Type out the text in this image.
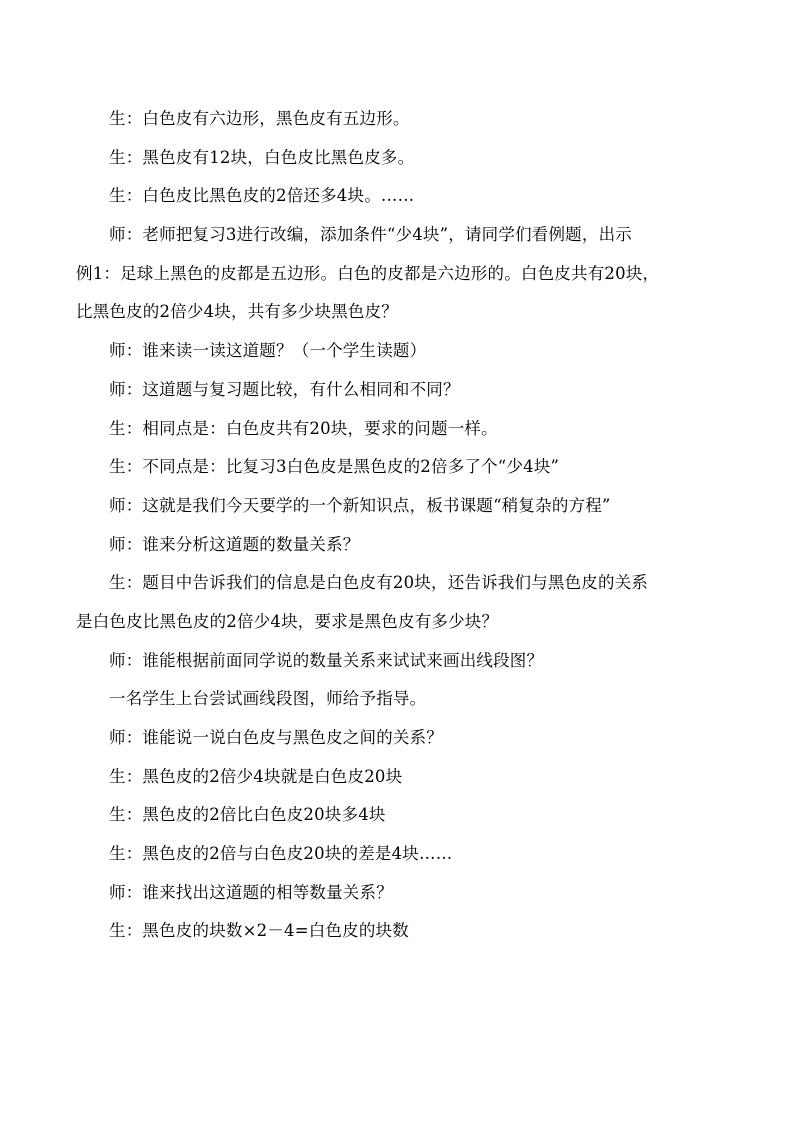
生：白色皮有六边形，黑色皮有五边形。
生：黑色皮有12块，白色皮比黑色皮多。
生：白色皮比黑色皮的2倍还多4块。……
师：老师把复习3进行改编，添加条件“少4块”，请同学们看例题，出示
例1：足球上黑色的皮都是五边形。白色的皮都是六边形的。白色皮共有20块，
比黑色皮的2倍少4块，共有多少块黑色皮？
师：谁来读一读这道题？（一个学生读题）
师：这道题与复习题比较，有什么相同和不同？
生：相同点是：白色皮共有20块，要求的问题一样。
生：不同点是：比复习3白色皮是黑色皮的2倍多了个“少4块”
师：这就是我们今天要学的一个新知识点，板书课题“稍复杂的方程”
师：谁来分析这道题的数量关系？
生：题目中告诉我们的信息是白色皮有20块，还告诉我们与黑色皮的关系
是白色皮比黑色皮的2倍少4块，要求是黑色皮有多少块？
师：谁能根据前面同学说的数量关系来试试来画出线段图？
一名学生上台尝试画线段图，师给予指导。
师：谁能说一说白色皮与黑色皮之间的关系？
生：黑色皮的2倍少4块就是白色皮20块
生：黑色皮的2倍比白色皮20块多4块
生：黑色皮的2倍与白色皮20块的差是4块……
师：谁来找出这道题的相等数量关系？
生：黑色皮的块数×2－4=白色皮的块数
